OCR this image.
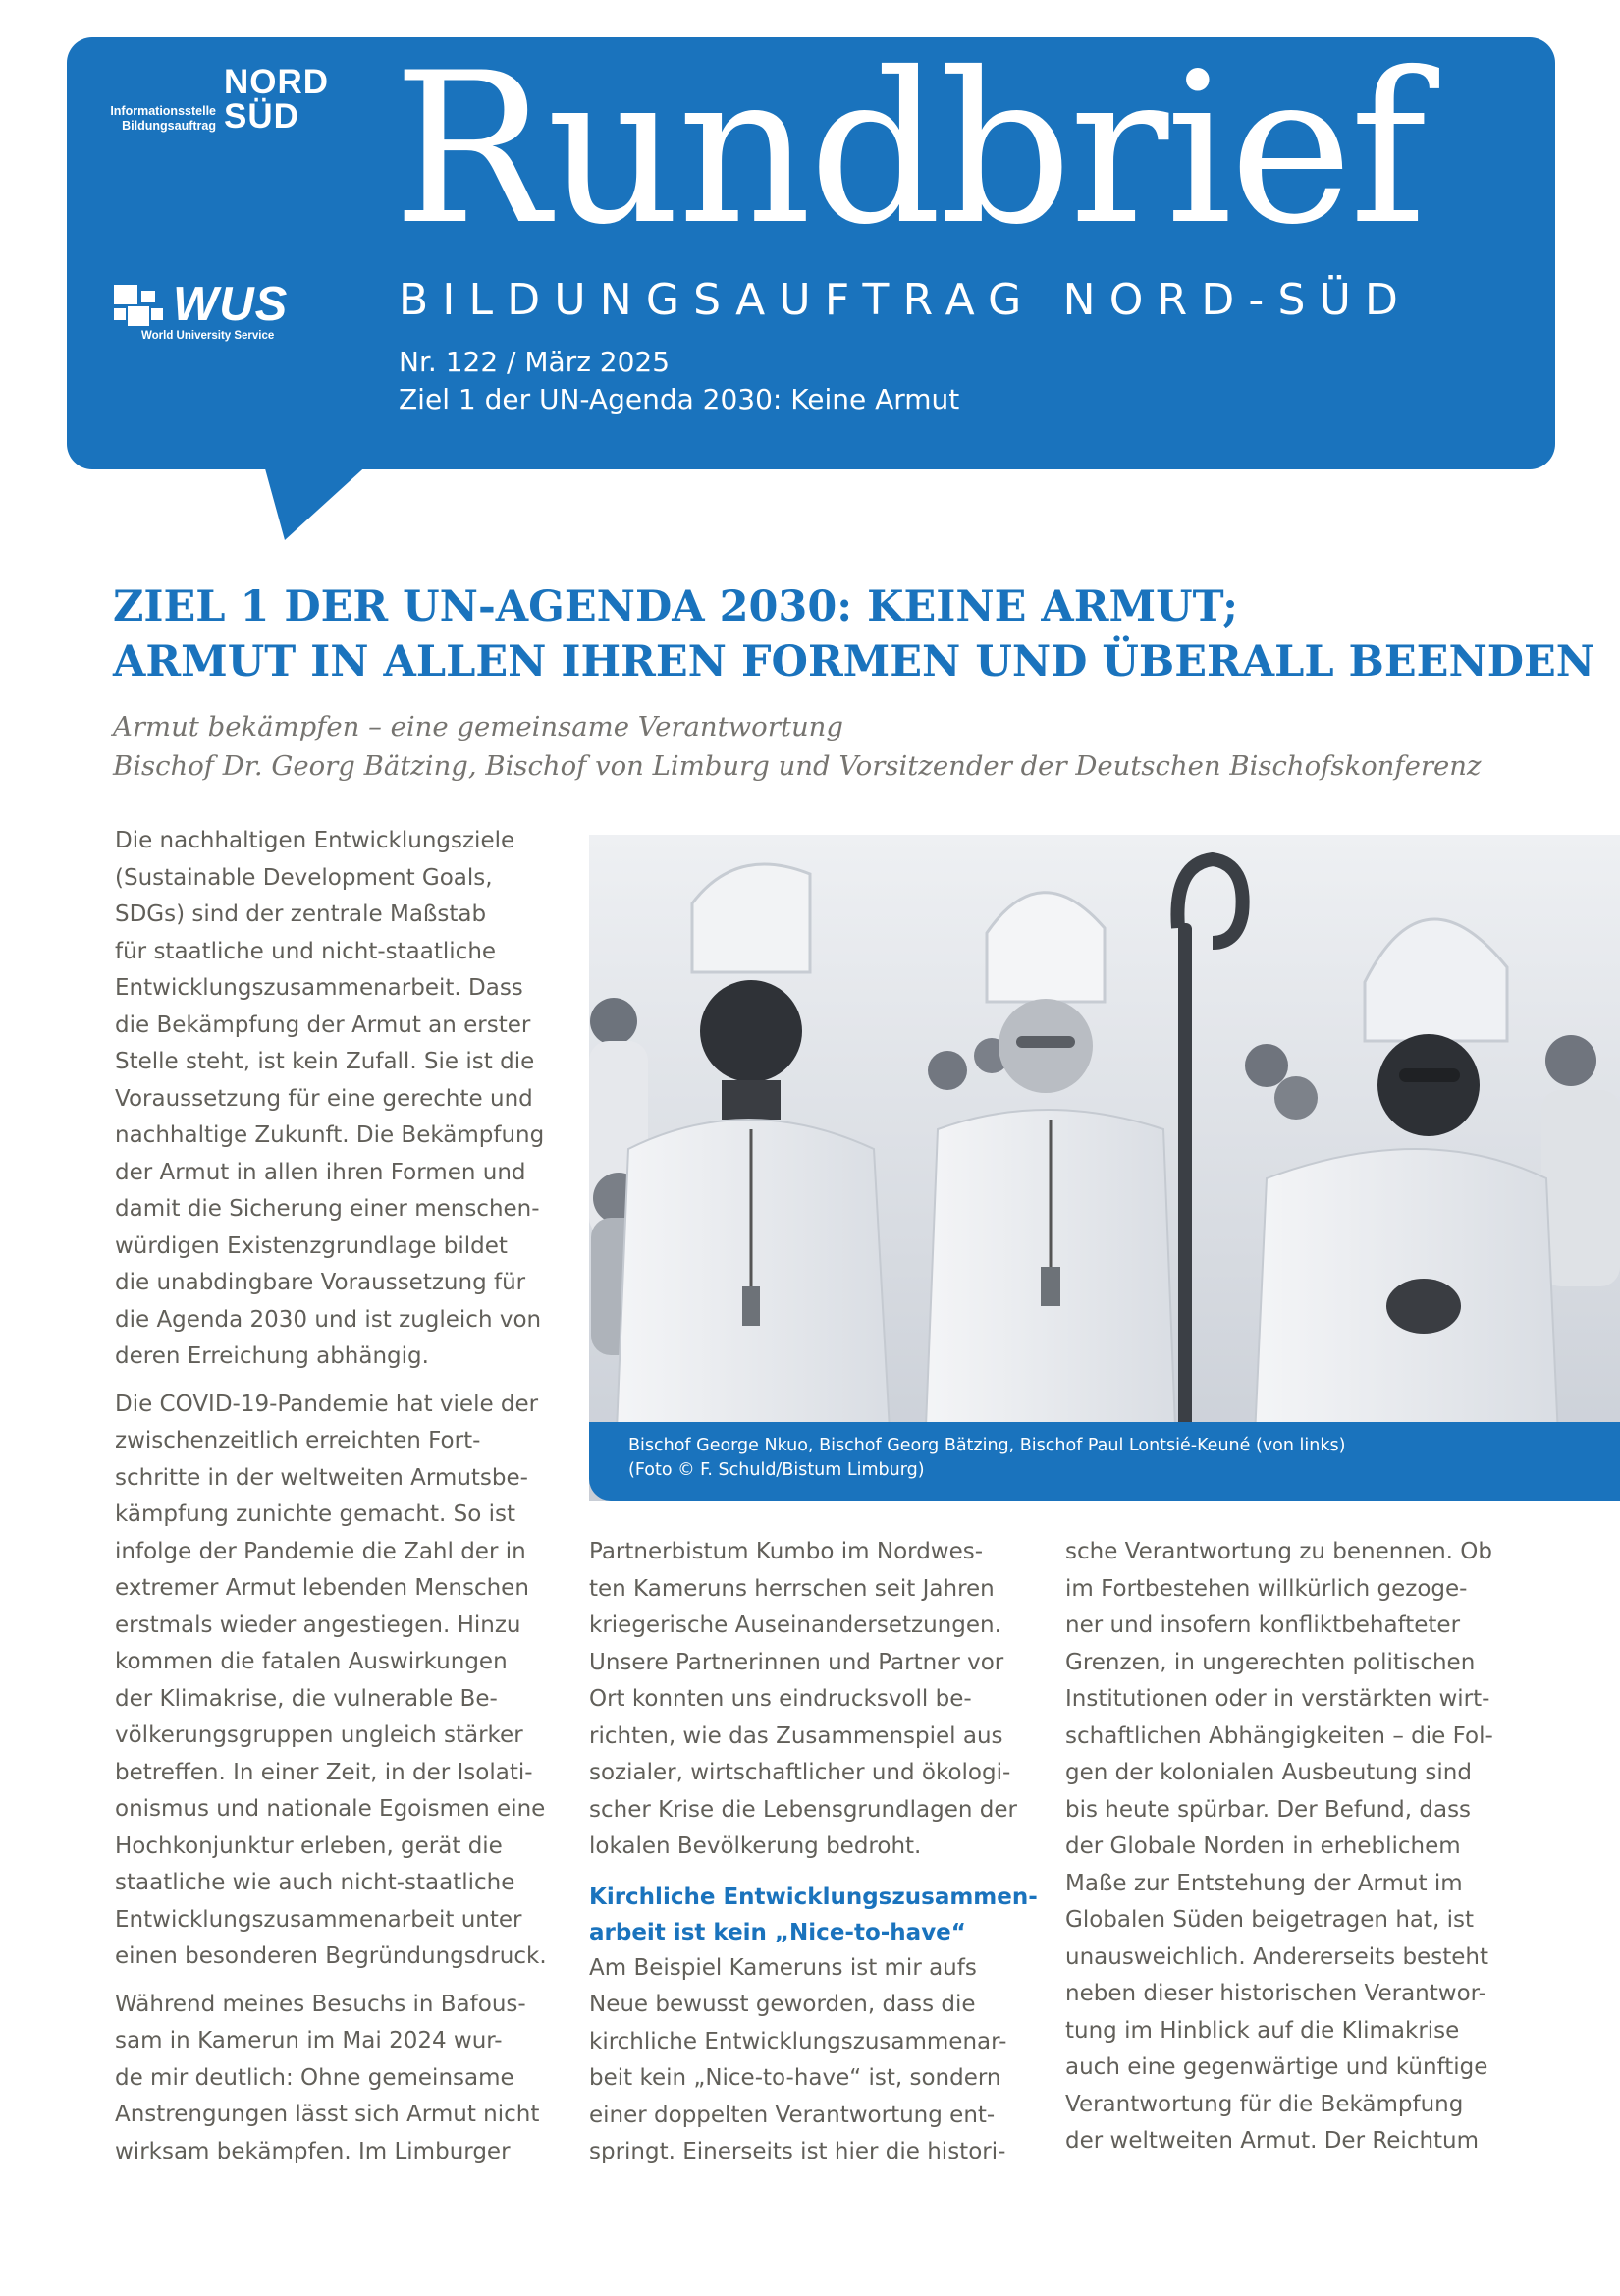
Informationsstelle
Bildungsauftrag
NORD
SÜD
WUS
World University Service
Rundbrief
BILDUNGSAUFTRAG NORD-SÜD
Nr. 122 / März 2025
Ziel 1 der UN-Agenda 2030: Keine Armut
ZIEL 1 DER UN-AGENDA 2030: KEINE ARMUT;
ARMUT IN ALLEN IHREN FORMEN UND ÜBERALL BEENDEN
Armut bekämpfen – eine gemeinsame Verantwortung
Bischof Dr. Georg Bätzing, Bischof von Limburg und Vorsitzender der Deutschen Bischofskonferenz
Bischof George Nkuo, Bischof Georg Bätzing, Bischof Paul Lontsié-Keuné (von links)
(Foto © F. Schuld/Bistum Limburg)

Die nachhaltigen Entwicklungsziele
(Sustainable Development Goals,
SDGs) sind der zentrale Maßstab
für staatliche und nicht-staatliche
Entwicklungszusammenarbeit. Dass
die Bekämpfung der Armut an erster
Stelle steht, ist kein Zufall. Sie ist die
Voraussetzung für eine gerechte und
nachhaltige Zukunft. Die Bekämpfung
der Armut in allen ihren Formen und
damit die Sicherung einer menschen-
würdigen Existenzgrundlage bildet
die unabdingbare Voraussetzung für
die Agenda 2030 und ist zugleich von
deren Erreichung abhängig.

Die COVID-19-Pandemie hat viele der
zwischenzeitlich erreichten Fort-
schritte in der weltweiten Armutsbe-
kämpfung zunichte gemacht. So ist
infolge der Pandemie die Zahl der in
extremer Armut lebenden Menschen
erstmals wieder angestiegen. Hinzu
kommen die fatalen Auswirkungen
der Klimakrise, die vulnerable Be-
völkerungsgruppen ungleich stärker
betreffen. In einer Zeit, in der Isolati-
onismus und nationale Egoismen eine
Hochkonjunktur erleben, gerät die
staatliche wie auch nicht-staatliche
Entwicklungszusammenarbeit unter
einen besonderen Begründungsdruck.

Während meines Besuchs in Bafous-
sam in Kamerun im Mai 2024 wur-
de mir deutlich: Ohne gemeinsame
Anstrengungen lässt sich Armut nicht
wirksam bekämpfen. Im Limburger

Partnerbistum Kumbo im Nordwes-
ten Kameruns herrschen seit Jahren
kriegerische Auseinandersetzungen.
Unsere Partnerinnen und Partner vor
Ort konnten uns eindrucksvoll be-
richten, wie das Zusammenspiel aus
sozialer, wirtschaftlicher und ökologi-
scher Krise die Lebensgrundlagen der
lokalen Bevölkerung bedroht.

Kirchliche Entwicklungszusammen-
arbeit ist kein „Nice-to-have“

Am Beispiel Kameruns ist mir aufs
Neue bewusst geworden, dass die
kirchliche Entwicklungszusammenar-
beit kein „Nice-to-have“ ist, sondern
einer doppelten Verantwortung ent-
springt. Einerseits ist hier die histori-

sche Verantwortung zu benennen. Ob
im Fortbestehen willkürlich gezoge-
ner und insofern konfliktbehafteter
Grenzen, in ungerechten politischen
Institutionen oder in verstärkten wirt-
schaftlichen Abhängigkeiten – die Fol-
gen der kolonialen Ausbeutung sind
bis heute spürbar. Der Befund, dass
der Globale Norden in erheblichem
Maße zur Entstehung der Armut im
Globalen Süden beigetragen hat, ist
unausweichlich. Andererseits besteht
neben dieser historischen Verantwor-
tung im Hinblick auf die Klimakrise
auch eine gegenwärtige und künftige
Verantwortung für die Bekämpfung
der weltweiten Armut. Der Reichtum
